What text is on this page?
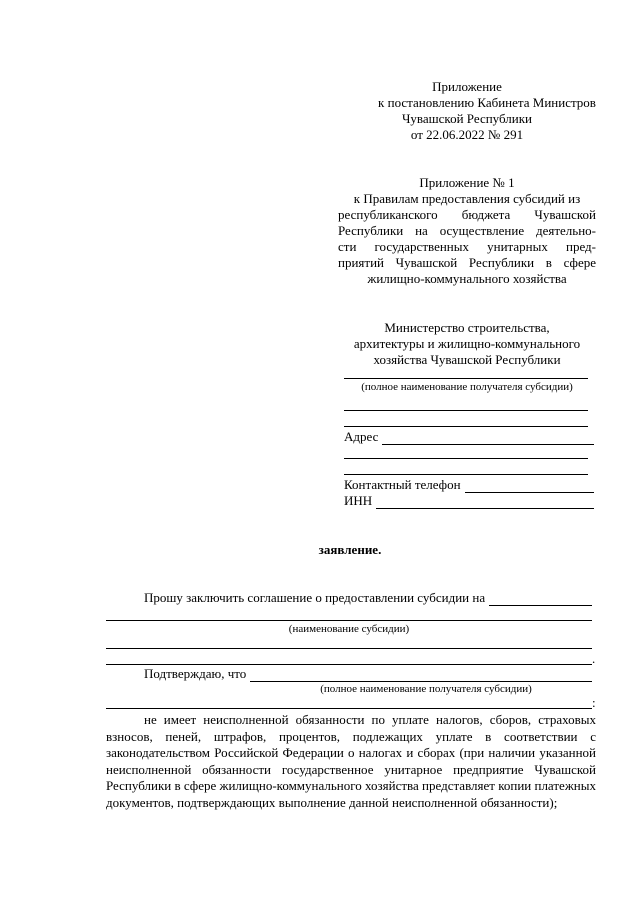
Приложение
к постановлению Кабинета Министров
Чувашской Республики
от 22.06.2022 № 291
Приложение № 1
к Правилам предоставления субсидий из
республиканского бюджета Чувашской
Республики на осуществление деятельно-
сти государственных унитарных пред-
приятий Чувашской Республики в сфере
жилищно-коммунального хозяйства
Министерство строительства,
архитектуры и жилищно-коммунального
хозяйства Чувашской Республики
(полное наименование получателя субсидии)
Адрес
Контактный телефон
ИНН
заявление.
Прошу заключить соглашение о предоставлении субсидии на
(наименование субсидии)
.
Подтверждаю, что
(полное наименование получателя субсидии)
:
не имеет неисполненной обязанности по уплате налогов, сборов, страховых взносов, пеней, штрафов, процентов, подлежащих уплате в соответствии с законодательством Российской Федерации о налогах и сборах (при наличии указанной неисполненной обязанности государственное унитарное предприятие Чувашской Республики в сфере жилищно-коммунального хозяйства представляет копии платежных документов, подтверждающих выполнение данной неисполненной обязанности);
